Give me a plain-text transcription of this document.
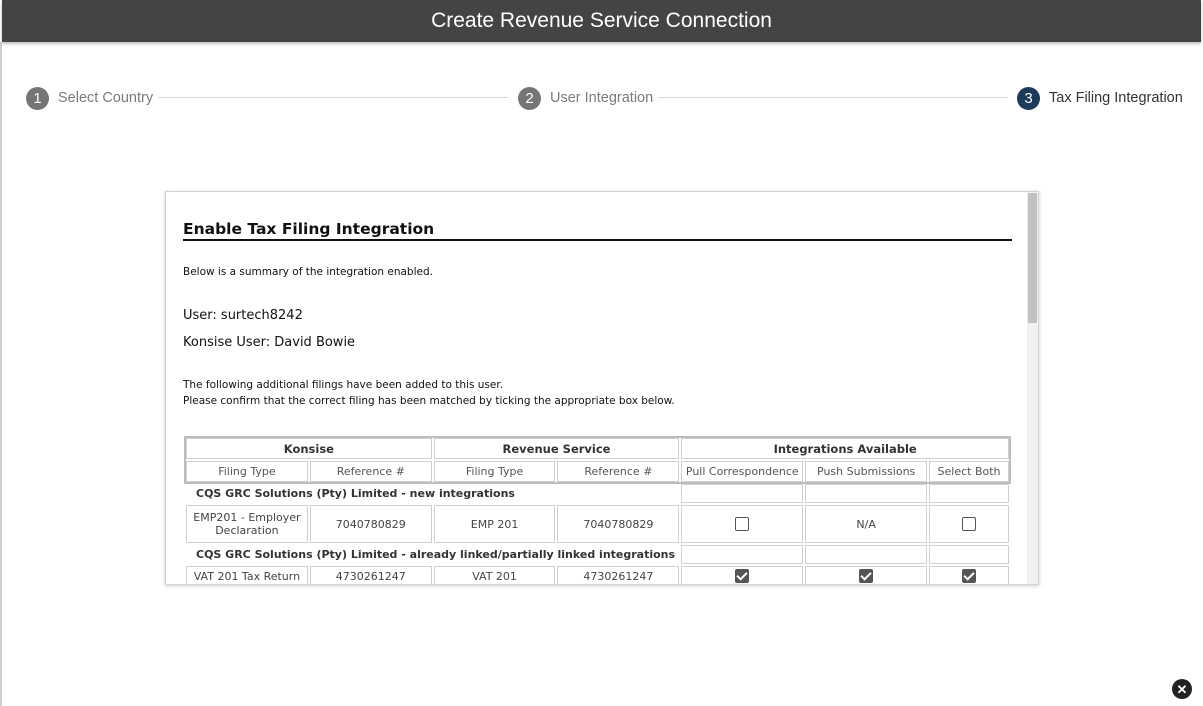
Create Revenue Service Connection
1	Select Country	2	User Integration	3	Tax Filing Integration
Enable Tax Filing Integration
Below is a summary of the integration enabled.
User: surtech8242
Konsise User: David Bowie
The following additional filings have been added to this user.
Please confirm that the correct filing has been matched by ticking the appropriate box below.
Konsise		Revenue Service		Integrations Available		
Filing Type	Reference #	Filing Type	Reference #	Pull Correspondence	Push Submissions	Select Both
CQS GRC Solutions (Pty) Limited - new integrations						
EMP201 - Employer Declaration	7040780829	EMP 201	7040780829		N/A	
CQS GRC Solutions (Pty) Limited - already linked/partially linked integrations						
VAT 201 Tax Return	4730261247	VAT 201	4730261247			
✕
